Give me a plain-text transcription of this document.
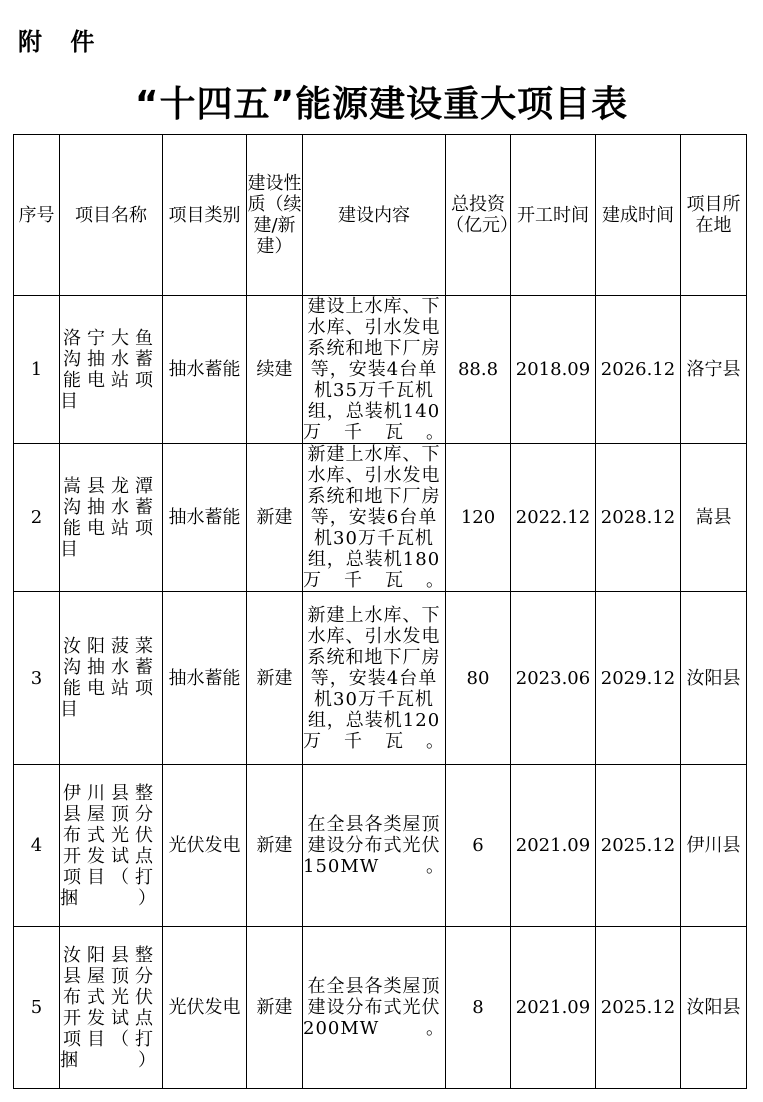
附 件
“十四五”能源建设重大项目表
序号	项目名称	项目类别	建设性质（续建/新建）	建设内容	总投资（亿元）	开工时间	建成时间	项目所在地
1	洛宁大鱼沟抽水蓄能电站项目	抽水蓄能	续建	建设上水库、下水库、引水发电系统和地下厂房等，安装4台单机35万千瓦机组，总装机140万千瓦。	88.8	2018.09	2026.12	洛宁县
2	嵩县龙潭沟抽水蓄能电站项目	抽水蓄能	新建	新建上水库、下水库、引水发电系统和地下厂房等，安装6台单机30万千瓦机组，总装机180万千瓦。	120	2022.12	2028.12	嵩县
3	汝阳菠菜沟抽水蓄能电站项目	抽水蓄能	新建	新建上水库、下水库、引水发电系统和地下厂房等，安装4台单机30万千瓦机组，总装机120万千瓦。	80	2023.06	2029.12	汝阳县
4	伊川县整县屋顶分布式光伏开发试点项目（打捆）	光伏发电	新建	在全县各类屋顶建设分布式光伏150MW。	6	2021.09	2025.12	伊川县
5	汝阳县整县屋顶分布式光伏开发试点项目（打捆）	光伏发电	新建	在全县各类屋顶建设分布式光伏200MW。	8	2021.09	2025.12	汝阳县
